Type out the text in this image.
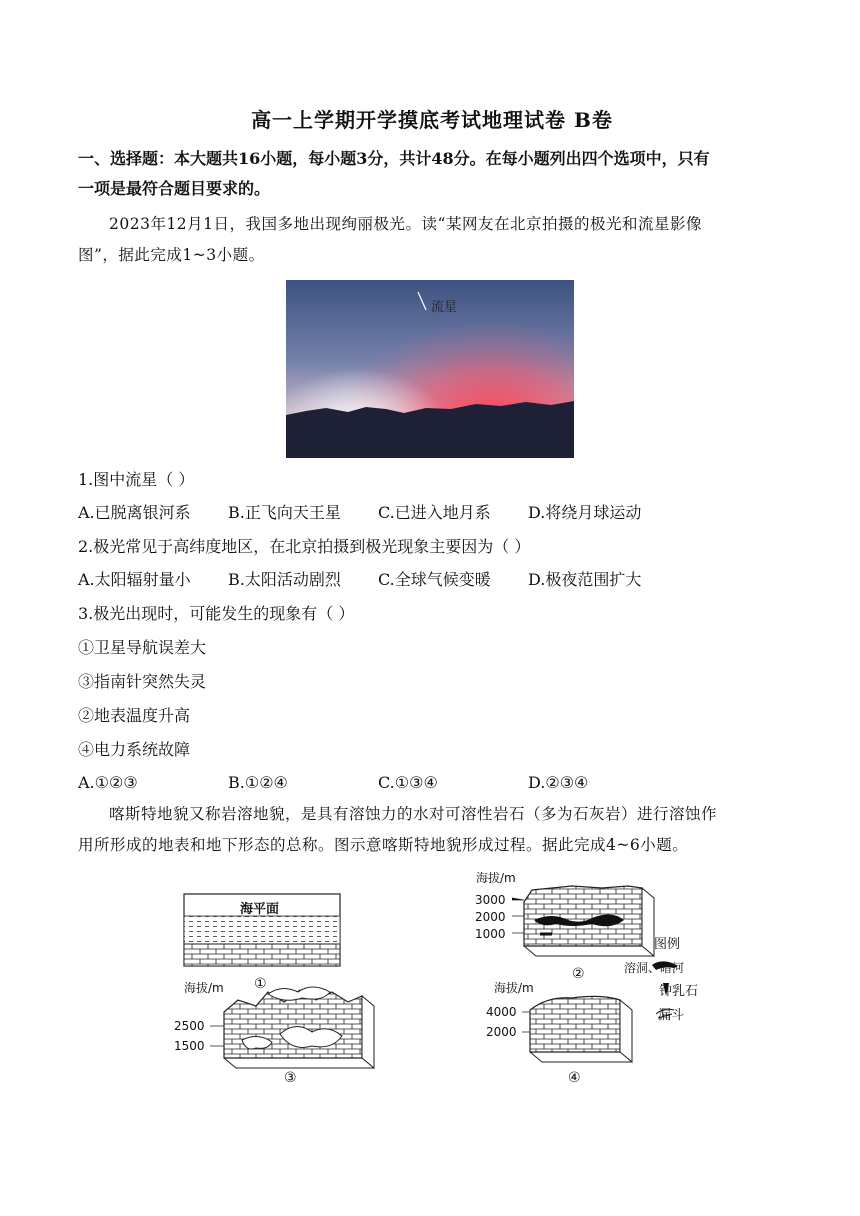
高一上学期开学摸底考试地理试卷 B卷
一、选择题：本大题共16小题，每小题3分，共计48分。在每小题列出四个选项中，只有
一项是最符合题目要求的。
2023年12月1日，我国多地出现绚丽极光。读“某网友在北京拍摄的极光和流星影像
图”，据此完成1~3小题。
流星
1.图中流星（ ）
A.已脱离银河系 B.正飞向天王星 C.已进入地月系 D.将绕月球运动
2.极光常见于高纬度地区，在北京拍摄到极光现象主要因为（ ）
A.太阳辐射量小 B.太阳活动剧烈 C.全球气候变暖 D.极夜范围扩大
3.极光出现时，可能发生的现象有（ ）
①卫星导航误差大
③指南针突然失灵
②地表温度升高
④电力系统故障
A.①②③	B.①②④	C.①③④	D.②③④
喀斯特地貌又称岩溶地貌，是具有溶蚀力的水对可溶性岩石（多为石灰岩）进行溶蚀作
用所形成的地表和地下形态的总称。图示意喀斯特地貌形成过程。据此完成4~6小题。
海平面
①
海拔/m
3000
2000
1000
②
海拔/m
2500
1500
③
海拔/m
4000
2000
④
图例
溶洞、暗河
钟乳石
漏斗
